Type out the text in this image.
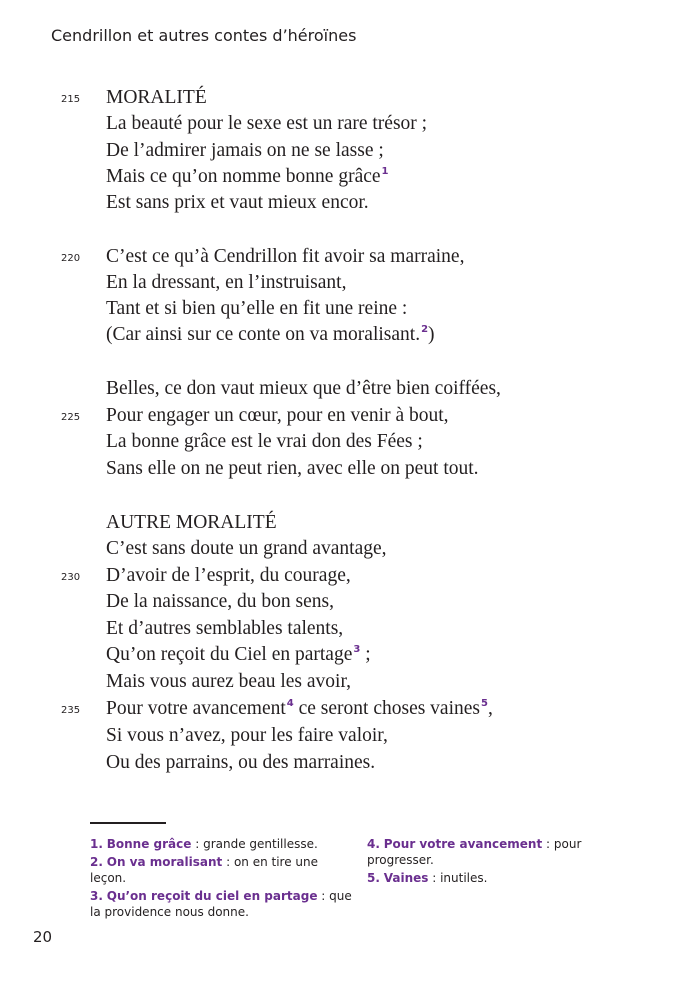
Cendrillon et autres contes d’héroïnes
MORALITÉ
215
La beauté pour le sexe est un rare trésor ;
De l’admirer jamais on ne se lasse ;
Mais ce qu’on nomme bonne grâce$^1$
Est sans prix et vaut mieux encor.
C’est ce qu’à Cendrillon fit avoir sa marraine,
220
En la dressant, en l’instruisant,
Tant et si bien qu’elle en fit une reine :
(Car ainsi sur ce conte on va moralisant.$^2$)
Belles, ce don vaut mieux que d’être bien coiffées,
Pour engager un cœur, pour en venir à bout,
225
La bonne grâce est le vrai don des Fées ;
Sans elle on ne peut rien, avec elle on peut tout.
AUTRE MORALITÉ
C’est sans doute un grand avantage,
D’avoir de l’esprit, du courage,
230
De la naissance, du bon sens,
Et d’autres semblables talents,
Qu’on reçoit du Ciel en partage$^3$ ;
Mais vous aurez beau les avoir,
Pour votre avancement$^4$ ce seront choses vaines$^5$,
235
Si vous n’avez, pour les faire valoir,
Ou des parrains, ou des marraines.
1. Bonne grâce : grande gentillesse.
2. On va moralisant : on en tire une leçon.
3. Qu’on reçoit du ciel en partage : que la providence nous donne.
4. Pour votre avancement : pour progresser.
5. Vaines : inutiles.
20
